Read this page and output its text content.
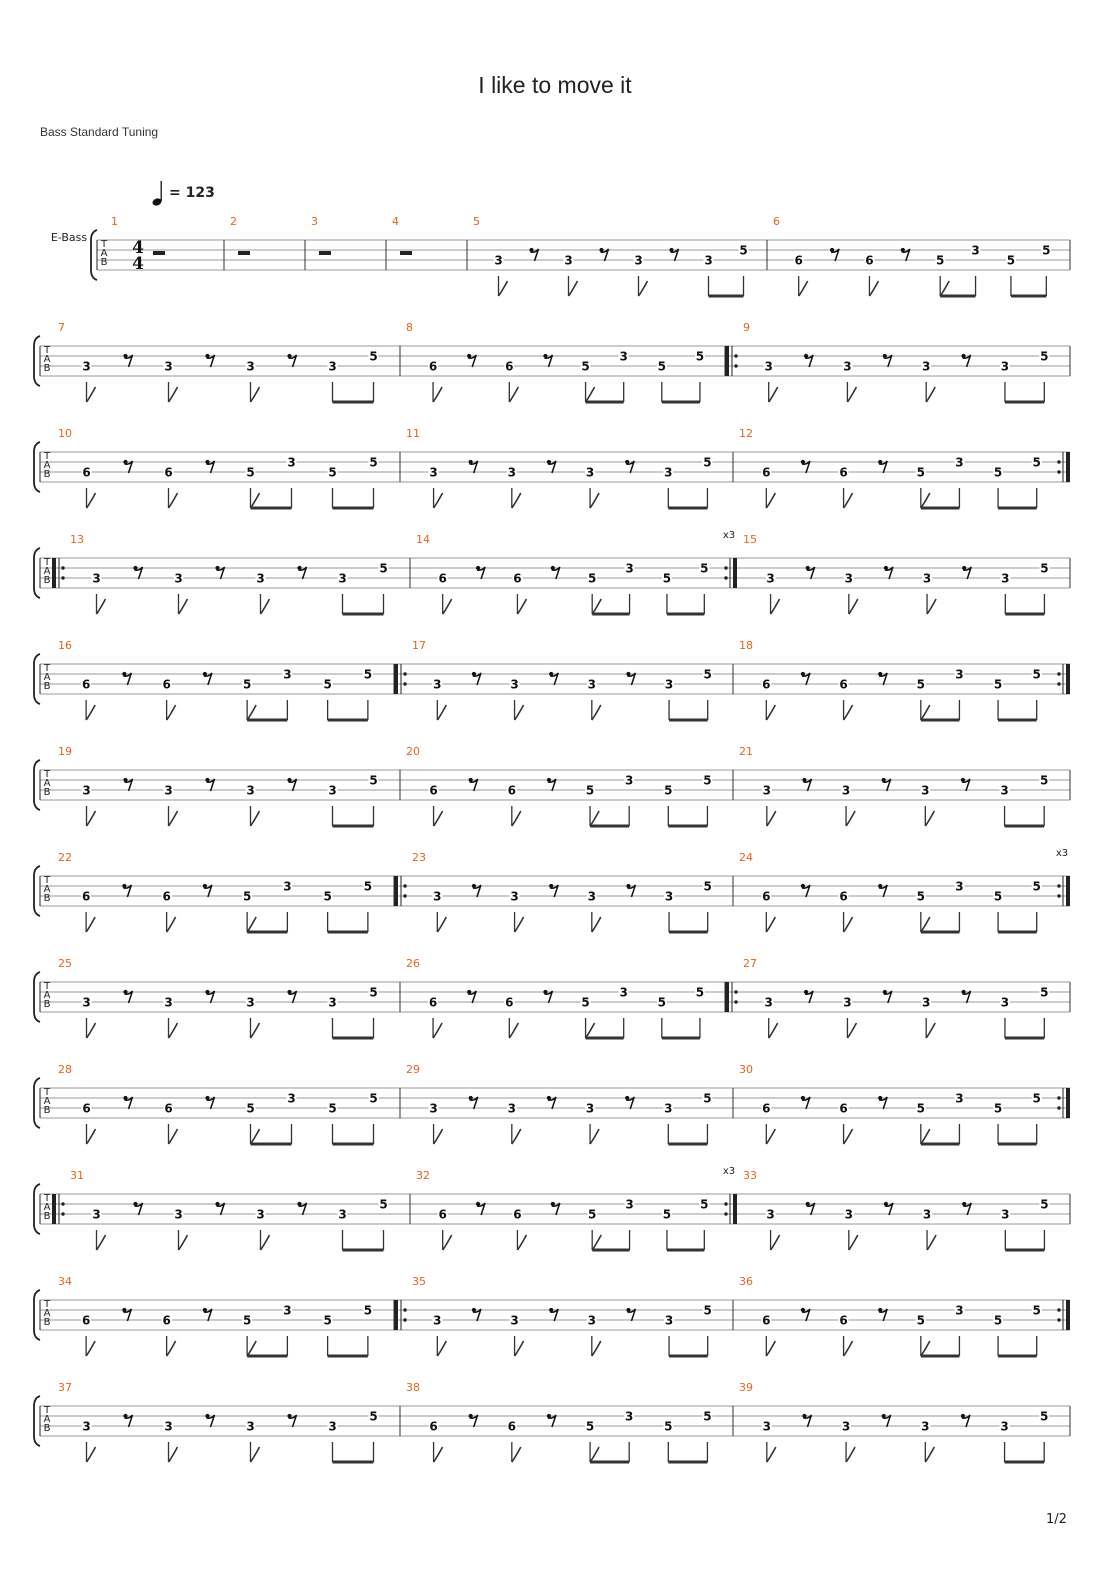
I like to move it
Bass Standard Tuning
= 123
T
A
B
E-Bass
4
4
1	2	3	4	5
3	3	3	3
5
6
6	6	5
3
5
5
T
A
B
7
3	3	3	3
5
8
6	6	5
3
5
5
9
3	3	3	3
5
T
A
B
10
6	6	5
3
5
5
11
3	3	3	3
5
12
6	6	5
3
5
5
T
A
B
13
3	3	3	3
5
14
6	6	5
3
5
5
x3 15
3	3	3	3
5
T
A
B
16
6	6	5
3
5
5
17
3	3	3	3
5
18
6	6	5
3
5
5
T
A
B
19
3	3	3	3
5
20
6	6	5
3
5
5
21
3	3	3	3
5
T
A
B
22
6	6	5
3
5
5
23
3	3	3	3
5
24
6	6	5
3
5
5
x3
T
A
B
25
3	3	3	3
5
26
6	6	5
3
5
5
27
3	3	3	3
5
T
A
B
28
6	6	5
3
5
5
29
3	3	3	3
5
30
6	6	5
3
5
5
T
A
B
31
3	3	3	3
5
32
6	6	5
3
5
5
x3 33
3	3	3	3
5
T
A
B
34
6	6	5
3
5
5
35
3	3	3	3
5
36
6	6	5
3
5
5
T
A
B
37
3	3	3	3
5
38
6	6	5
3
5
5
39
3	3	3	3
5
1/2
